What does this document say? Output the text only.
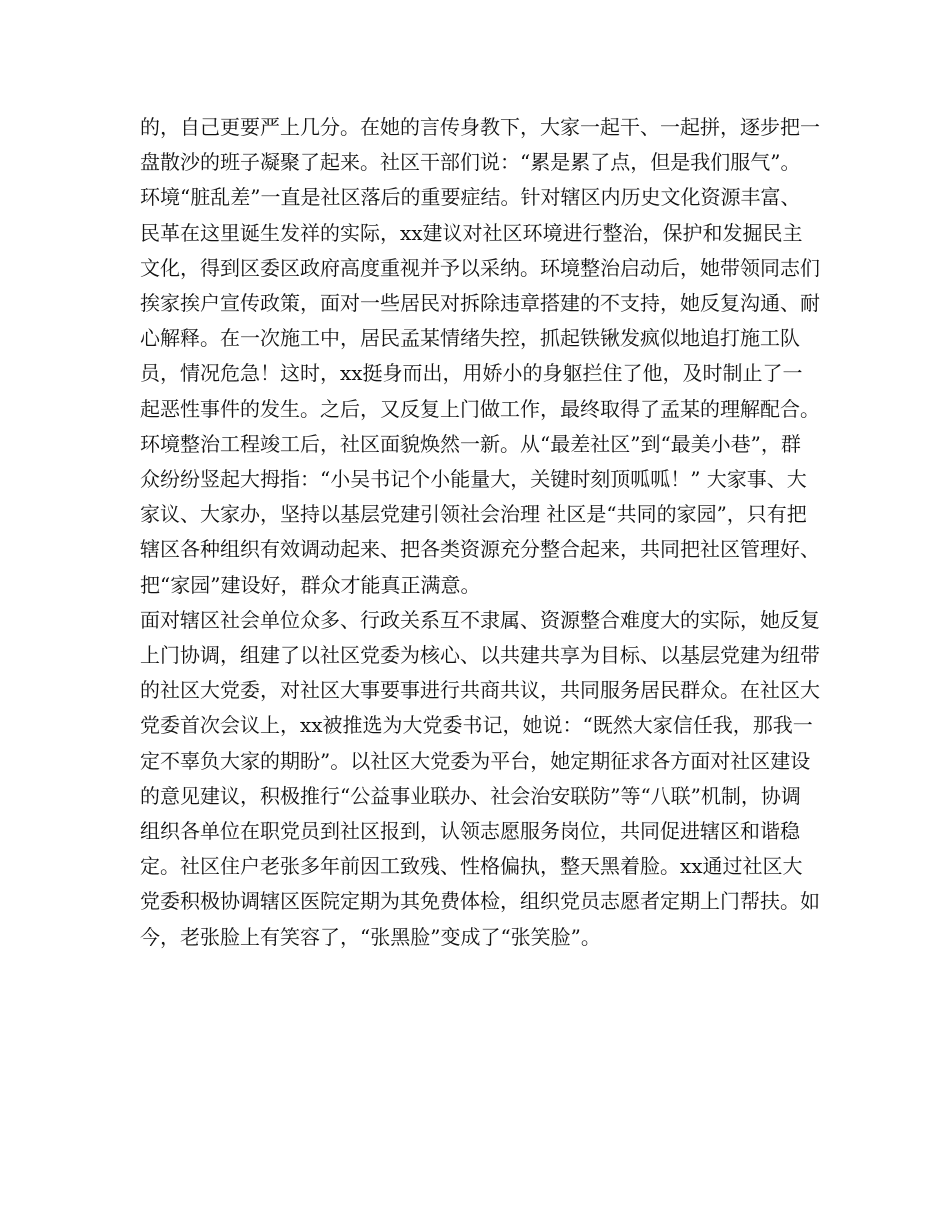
的，自己更要严上几分。在她的言传身教下，大家一起干、一起拼，逐步把一盘散沙的班子凝聚了起来。社区干部们说：“累是累了点，但是我们服气”。

环境“脏乱差”一直是社区落后的重要症结。针对辖区内历史文化资源丰富、民革在这里诞生发祥的实际，xx建议对社区环境进行整治，保护和发掘民主文化，得到区委区政府高度重视并予以采纳。环境整治启动后，她带领同志们挨家挨户宣传政策，面对一些居民对拆除违章搭建的不支持，她反复沟通、耐心解释。在一次施工中，居民孟某情绪失控，抓起铁锹发疯似地追打施工队员，情况危急！这时，xx挺身而出，用娇小的身躯拦住了他，及时制止了一起恶性事件的发生。之后，又反复上门做工作，最终取得了孟某的理解配合。环境整治工程竣工后，社区面貌焕然一新。从“最差社区”到“最美小巷”，群众纷纷竖起大拇指：“小吴书记个小能量大，关键时刻顶呱呱！” 大家事、大家议、大家办，坚持以基层党建引领社会治理 社区是“共同的家园”，只有把辖区各种组织有效调动起来、把各类资源充分整合起来，共同把社区管理好、把“家园”建设好，群众才能真正满意。

面对辖区社会单位众多、行政关系互不隶属、资源整合难度大的实际，她反复上门协调，组建了以社区党委为核心、以共建共享为目标、以基层党建为纽带的社区大党委，对社区大事要事进行共商共议，共同服务居民群众。在社区大党委首次会议上，xx被推选为大党委书记，她说：“既然大家信任我，那我一定不辜负大家的期盼”。以社区大党委为平台，她定期征求各方面对社区建设的意见建议，积极推行“公益事业联办、社会治安联防”等“八联”机制，协调组织各单位在职党员到社区报到，认领志愿服务岗位，共同促进辖区和谐稳定。社区住户老张多年前因工致残、性格偏执，整天黑着脸。xx通过社区大党委积极协调辖区医院定期为其免费体检，组织党员志愿者定期上门帮扶。如今，老张脸上有笑容了，“张黑脸”变成了“张笑脸”。
